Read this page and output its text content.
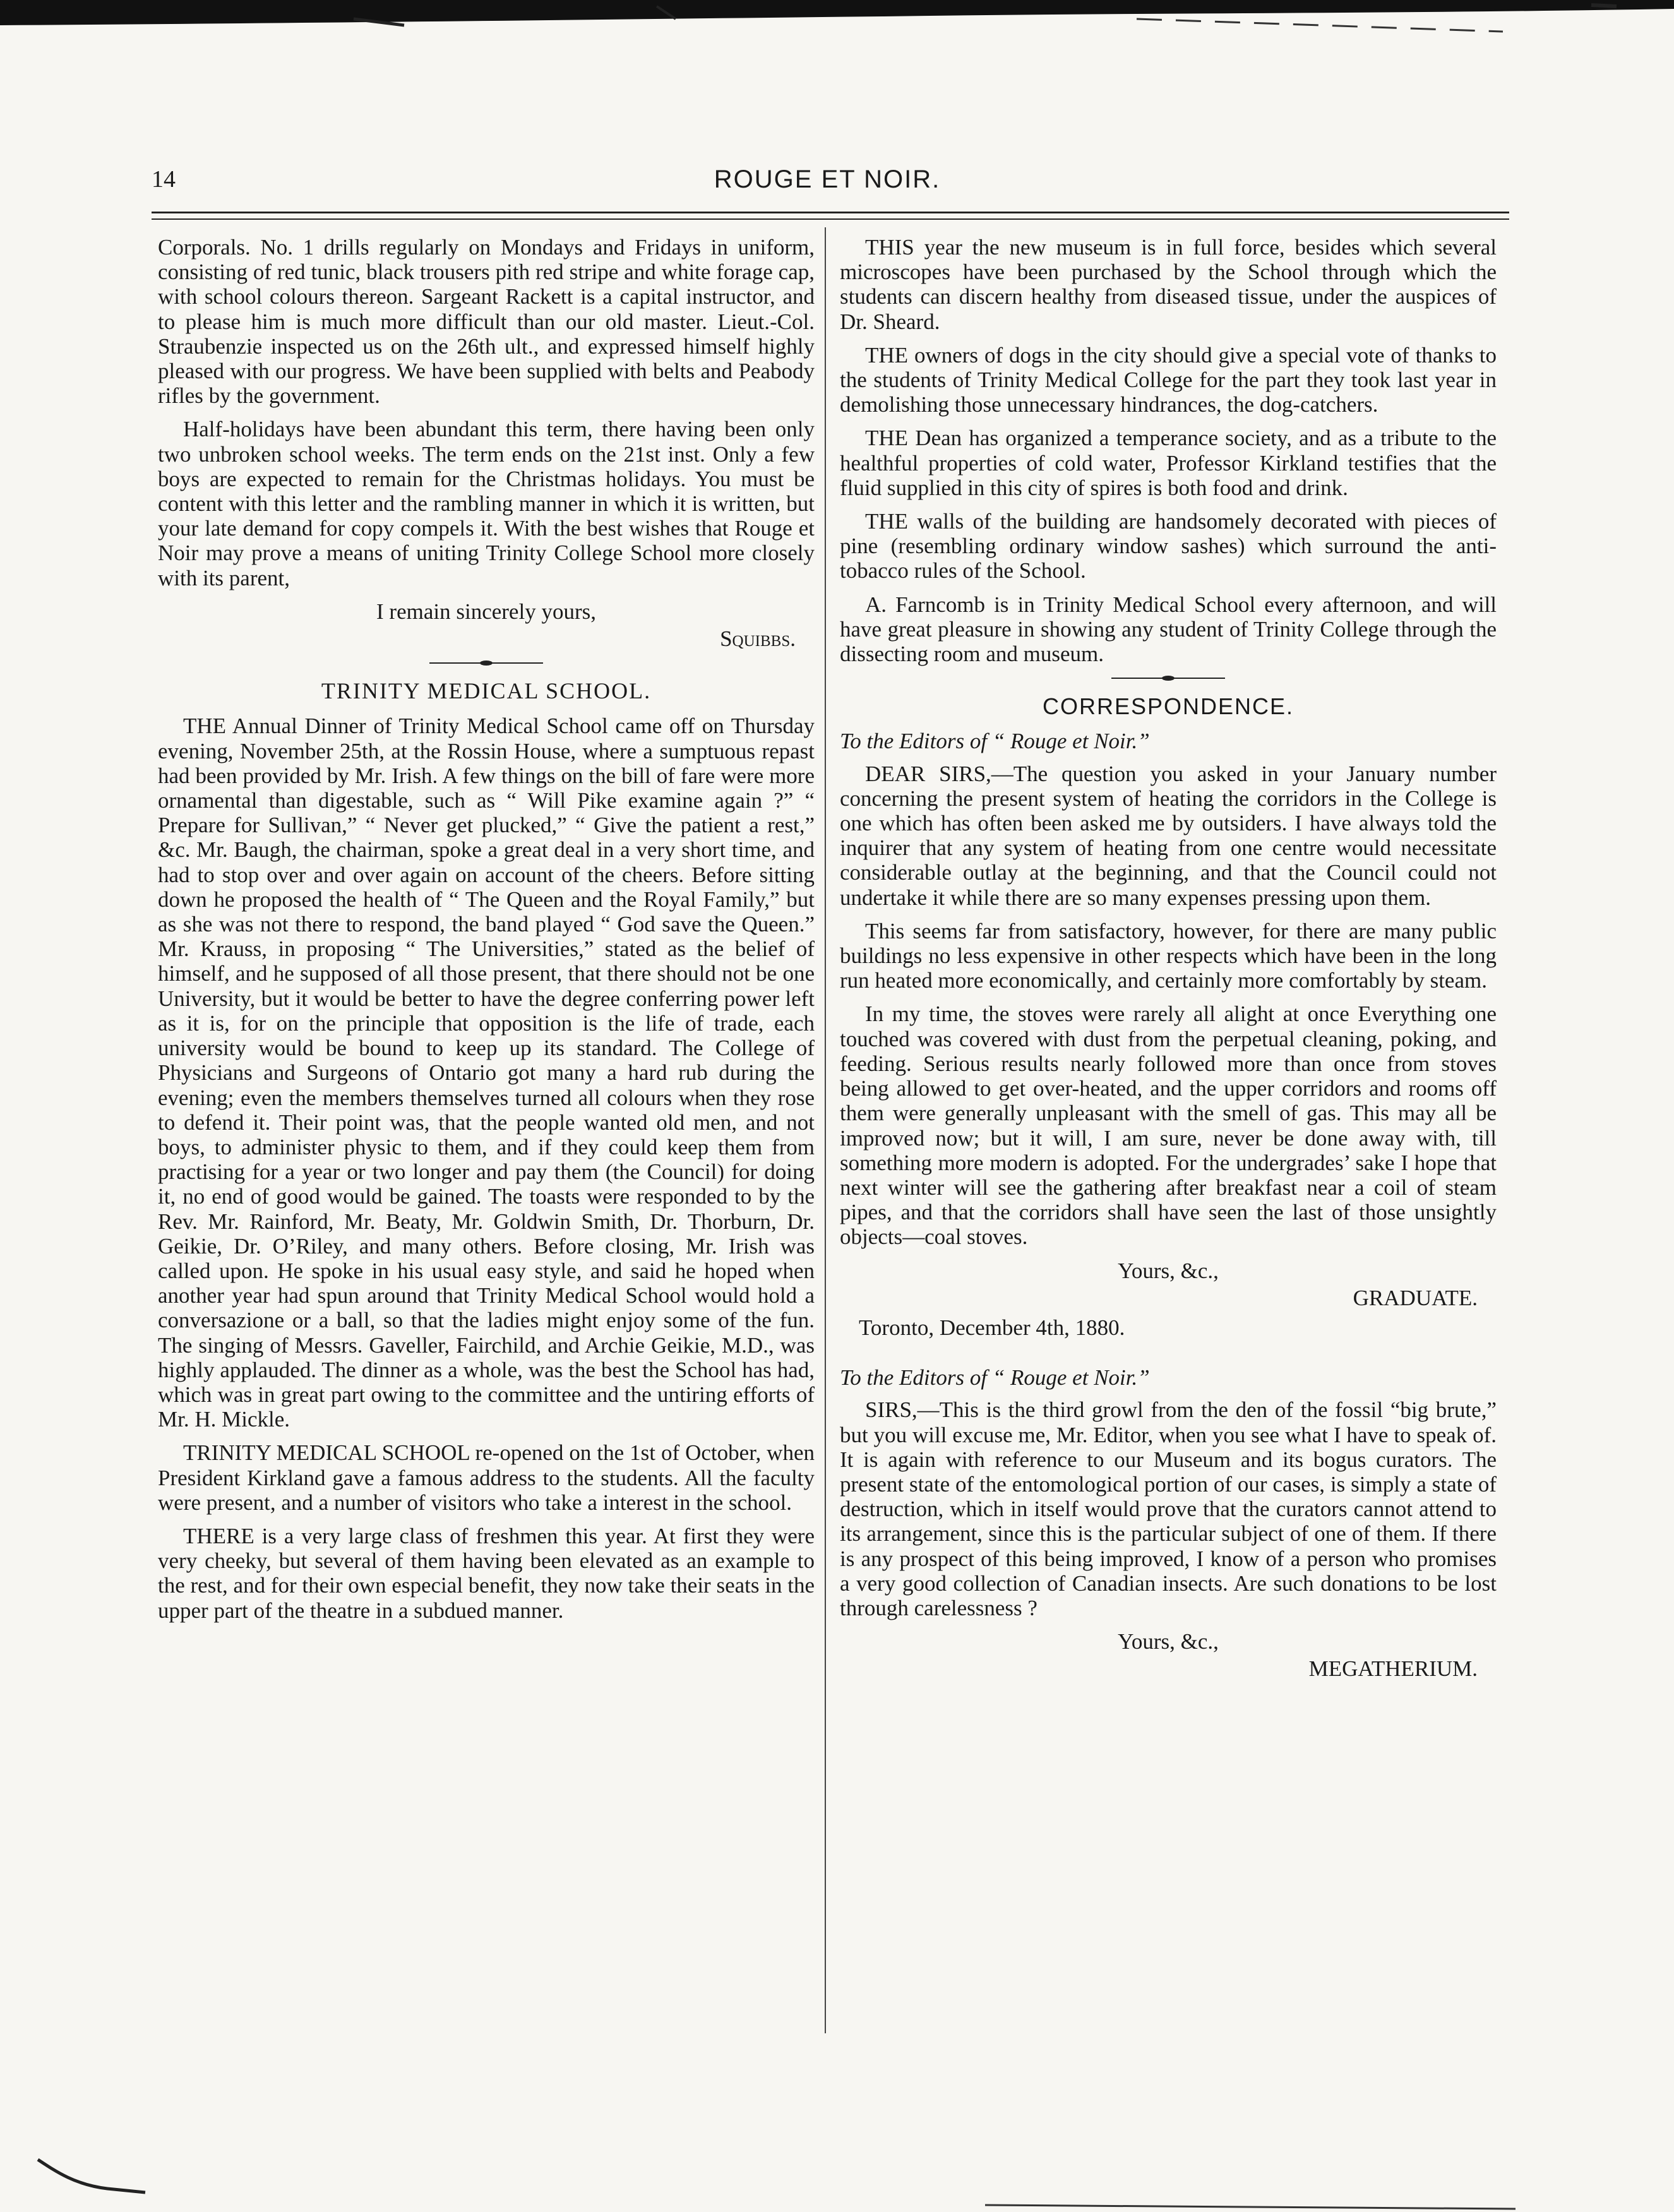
14	ROUGE ET NOIR.

Corporals. No. 1 drills regularly on Mondays and Fridays in uniform, consisting of red tunic, black trousers pith red stripe and white forage cap, with school colours thereon. Sargeant Rackett is a capital instructor, and to please him is much more difficult than our old master. Lieut.-Col. Straubenzie inspected us on the 26th ult., and expressed himself highly pleased with our progress. We have been supplied with belts and Peabody rifles by the government.

Half-holidays have been abundant this term, there having been only two unbroken school weeks. The term ends on the 21st inst. Only a few boys are expected to remain for the Christmas holidays. You must be content with this letter and the rambling manner in which it is written, but your late demand for copy compels it. With the best wishes that Rouge et Noir may prove a means of uniting Trinity College School more closely with its parent,

I remain sincerely yours,
Squibbs.
TRINITY MEDICAL SCHOOL.

THE Annual Dinner of Trinity Medical School came off on Thursday evening, November 25th, at the Rossin House, where a sumptuous repast had been provided by Mr. Irish. A few things on the bill of fare were more ornamental than digestable, such as “ Will Pike examine again ?” “ Prepare for Sullivan,” “ Never get plucked,” “ Give the patient a rest,” &c. Mr. Baugh, the chairman, spoke a great deal in a very short time, and had to stop over and over again on account of the cheers. Before sitting down he proposed the health of “ The Queen and the Royal Family,” but as she was not there to respond, the band played “ God save the Queen.” Mr. Krauss, in proposing “ The Universities,” stated as the belief of himself, and he supposed of all those present, that there should not be one University, but it would be better to have the degree conferring power left as it is, for on the principle that opposition is the life of trade, each university would be bound to keep up its standard. The College of Physicians and Surgeons of Ontario got many a hard rub during the evening; even the members themselves turned all colours when they rose to defend it. Their point was, that the people wanted old men, and not boys, to administer physic to them, and if they could keep them from practising for a year or two longer and pay them (the Council) for doing it, no end of good would be gained. The toasts were responded to by the Rev. Mr. Rainford, Mr. Beaty, Mr. Goldwin Smith, Dr. Thorburn, Dr. Geikie, Dr. O’Riley, and many others. Before closing, Mr. Irish was called upon. He spoke in his usual easy style, and said he hoped when another year had spun around that Trinity Medical School would hold a conversazione or a ball, so that the ladies might enjoy some of the fun. The singing of Messrs. Gaveller, Fairchild, and Archie Geikie, M.D., was highly applauded. The dinner as a whole, was the best the School has had, which was in great part owing to the committee and the untiring efforts of Mr. H. Mickle.

TRINITY MEDICAL SCHOOL re-opened on the 1st of October, when President Kirkland gave a famous address to the students. All the faculty were present, and a number of visitors who take a interest in the school.

THERE is a very large class of freshmen this year. At first they were very cheeky, but several of them having been elevated as an example to the rest, and for their own especial benefit, they now take their seats in the upper part of the theatre in a subdued manner.

THIS year the new museum is in full force, besides which several microscopes have been purchased by the School through which the students can discern healthy from diseased tissue, under the auspices of Dr. Sheard.

THE owners of dogs in the city should give a special vote of thanks to the students of Trinity Medical College for the part they took last year in demolishing those unnecessary hindrances, the dog-catchers.

THE Dean has organized a temperance society, and as a tribute to the healthful properties of cold water, Professor Kirkland testifies that the fluid supplied in this city of spires is both food and drink.

THE walls of the building are handsomely decorated with pieces of pine (resembling ordinary window sashes) which surround the anti-tobacco rules of the School.

A. Farncomb is in Trinity Medical School every afternoon, and will have great pleasure in showing any student of Trinity College through the dissecting room and museum.

CORRESPONDENCE.
To the Editors of “ Rouge et Noir.”

DEAR SIRS,—The question you asked in your January number concerning the present system of heating the corridors in the College is one which has often been asked me by outsiders. I have always told the inquirer that any system of heating from one centre would necessitate considerable outlay at the beginning, and that the Council could not undertake it while there are so many expenses pressing upon them.

This seems far from satisfactory, however, for there are many public buildings no less expensive in other respects which have been in the long run heated more economically, and certainly more comfortably by steam.

In my time, the stoves were rarely all alight at once Everything one touched was covered with dust from the perpetual cleaning, poking, and feeding. Serious results nearly followed more than once from stoves being allowed to get over-heated, and the upper corridors and rooms off them were generally unpleasant with the smell of gas. This may all be improved now; but it will, I am sure, never be done away with, till something more modern is adopted. For the undergrades’ sake I hope that next winter will see the gathering after breakfast near a coil of steam pipes, and that the corridors shall have seen the last of those unsightly objects—coal stoves.

Yours, &c.,
GRADUATE.
Toronto, December 4th, 1880.
To the Editors of “ Rouge et Noir.”

SIRS,—This is the third growl from the den of the fossil “big brute,” but you will excuse me, Mr. Editor, when you see what I have to speak of. It is again with reference to our Museum and its bogus curators. The present state of the entomological portion of our cases, is simply a state of destruction, which in itself would prove that the curators cannot attend to its arrangement, since this is the particular subject of one of them. If there is any prospect of this being improved, I know of a person who promises a very good collection of Canadian insects. Are such donations to be lost through carelessness ?

Yours, &c.,
MEGATHERIUM.
